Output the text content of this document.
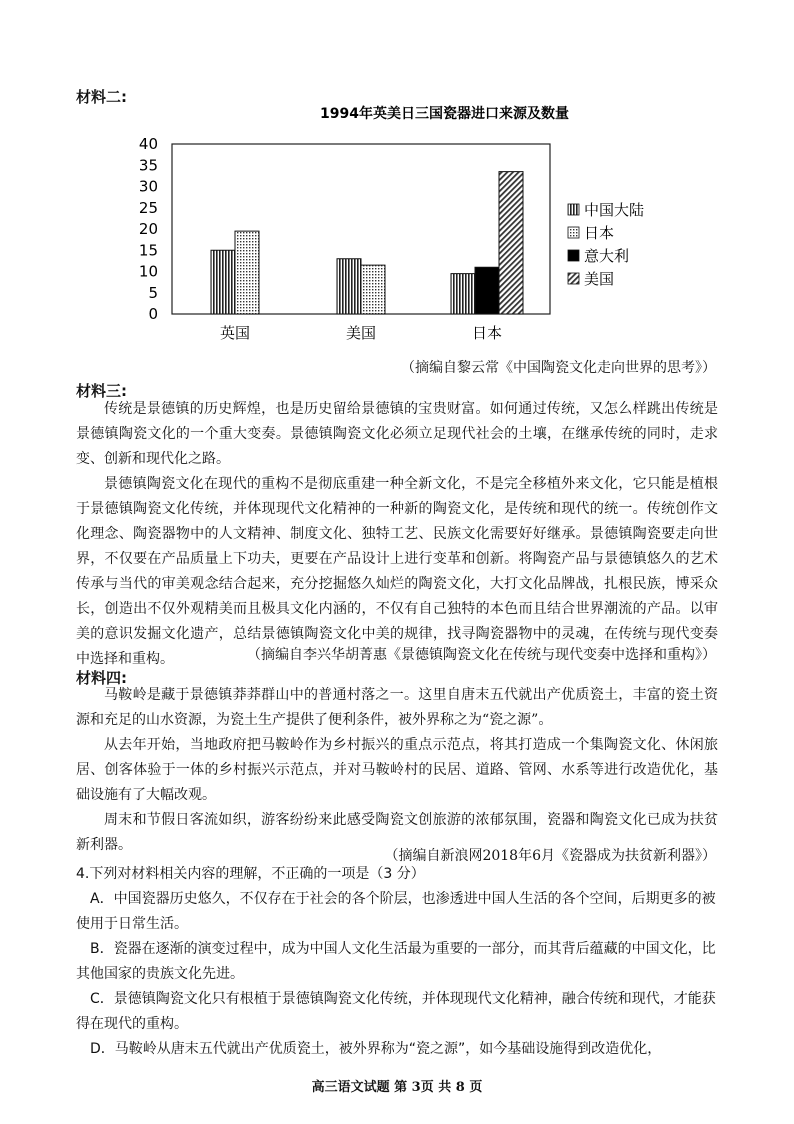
材料二:
1994年英美日三国瓷器进口来源及数量
0
5
10
15
20
25
30
35
40
英国	美国	日本
中国大陆
日本
意大利
美国
（摘编自黎云常《中国陶瓷文化走向世界的思考》）
材料三:

传统是景德镇的历史辉煌，也是历史留给景德镇的宝贵财富。如何通过传统，又怎么样跳出传统是景德镇陶瓷文化的一个重大变奏。景德镇陶瓷文化必须立足现代社会的土壤，在继承传统的同时，走求变、创新和现代化之路。

景德镇陶瓷文化在现代的重构不是彻底重建一种全新文化，不是完全移植外来文化，它只能是植根于景德镇陶瓷文化传统，并体现现代文化精神的一种新的陶瓷文化，是传统和现代的统一。传统创作文化理念、陶瓷器物中的人文精神、制度文化、独特工艺、民族文化需要好好继承。景德镇陶瓷要走向世界，不仅要在产品质量上下功夫，更要在产品设计上进行变革和创新。将陶瓷产品与景德镇悠久的艺术传承与当代的审美观念结合起来，充分挖掘悠久灿烂的陶瓷文化，大打文化品牌战，扎根民族，博采众长，创造出不仅外观精美而且极具文化内涵的，不仅有自己独特的本色而且结合世界潮流的产品。以审美的意识发掘文化遗产，总结景德镇陶瓷文化中美的规律，找寻陶瓷器物中的灵魂，在传统与现代变奏中选择和重构。	（摘编自李兴华胡菁惠《景德镇陶瓷文化在传统与现代变奏中选择和重构》）
材料四:

马鞍岭是藏于景德镇莽莽群山中的普通村落之一。这里自唐末五代就出产优质瓷土，丰富的瓷土资源和充足的山水资源，为瓷土生产提供了便利条件，被外界称之为“瓷之源”。

从去年开始，当地政府把马鞍岭作为乡村振兴的重点示范点，将其打造成一个集陶瓷文化、休闲旅居、创客体验于一体的乡村振兴示范点，并对马鞍岭村的民居、道路、管网、水系等进行改造优化，基础设施有了大幅改观。

周末和节假日客流如织，游客纷纷来此感受陶瓷文创旅游的浓郁氛围，瓷器和陶瓷文化已成为扶贫新利器。

（摘编自新浪网2018年6月《瓷器成为扶贫新利器》）
4.下列对材料相关内容的理解，不正确的一项是（3 分）
A．中国瓷器历史悠久，不仅存在于社会的各个阶层，也渗透进中国人生活的各个空间，后期更多的被使用于日常生活。
B．瓷器在逐渐的演变过程中，成为中国人文化生活最为重要的一部分，而其背后蕴藏的中国文化，比其他国家的贵族文化先进。
C．景德镇陶瓷文化只有根植于景德镇陶瓷文化传统，并体现现代文化精神，融合传统和现代，才能获得在现代的重构。
D．马鞍岭从唐末五代就出产优质瓷土，被外界称为“瓷之源”，如今基础设施得到改造优化，
高三语文试题 第 3页 共 8 页
